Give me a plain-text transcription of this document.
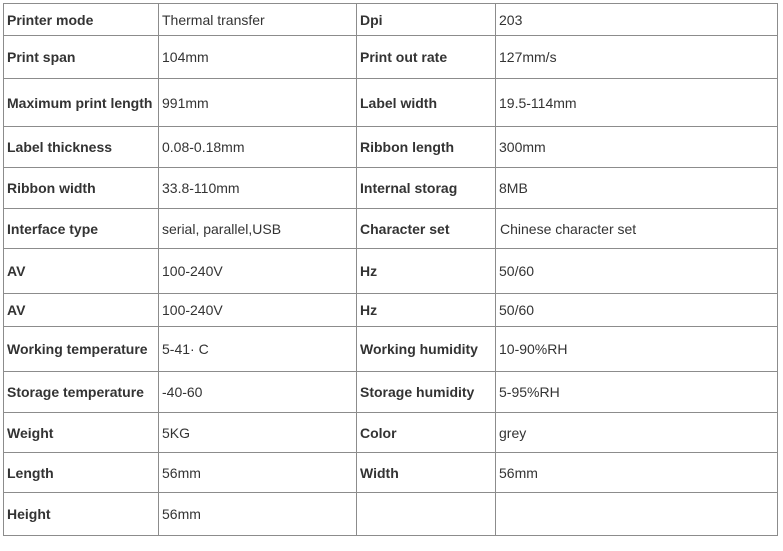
Printer mode	Thermal transfer	Dpi	203
Print span	104mm	Print out rate	127mm/s
Maximum print length	991mm	Label width	19.5-114mm
Label thickness	0.08-0.18mm	Ribbon length	300mm
Ribbon width	33.8-110mm	Internal storag	8MB
Interface type	serial, parallel,USB	Character set	Chinese character set
AV	100-240V	Hz	50/60
AV	100-240V	Hz	50/60
Working temperature	5-41· C	Working humidity	10-90%RH
Storage temperature	-40-60	Storage humidity	5-95%RH
Weight	5KG	Color	grey
Length	56mm	Width	56mm
Height	56mm		
